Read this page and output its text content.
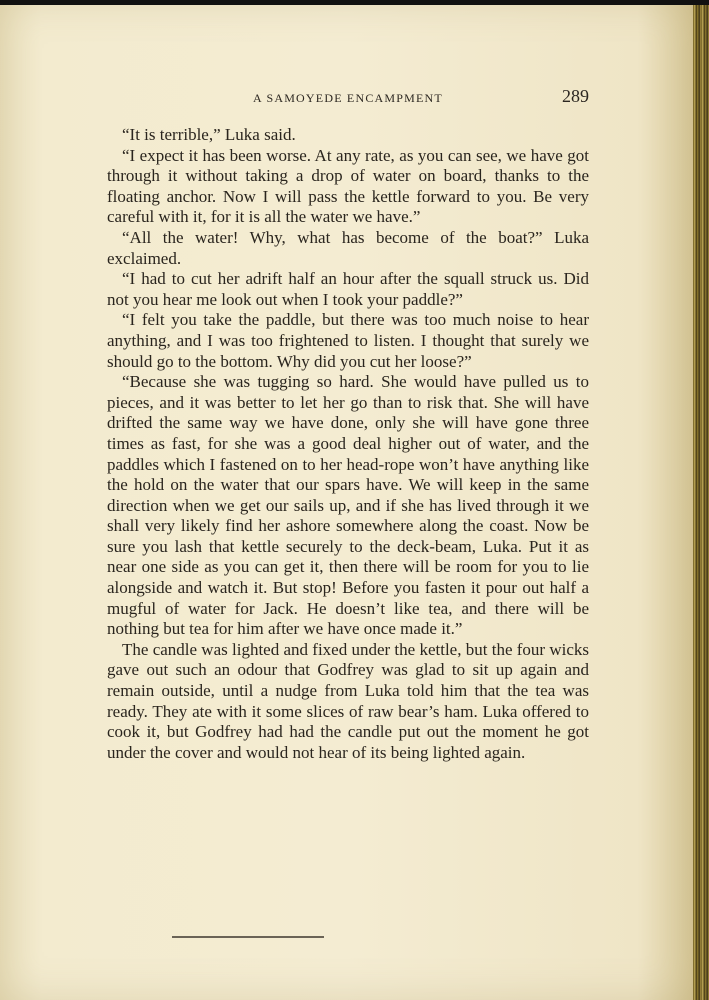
A SAMOYEDE ENCAMPMENT	289

“It is terrible,” Luka said.

“I expect it has been worse. At any rate, as you can see, we have got through it without taking a drop of water on board, thanks to the floating anchor. Now I will pass the kettle forward to you. Be very careful with it, for it is all the water we have.”

“All the water! Why, what has become of the boat?” Luka exclaimed.

“I had to cut her adrift half an hour after the squall struck us. Did not you hear me look out when I took your paddle?”

“I felt you take the paddle, but there was too much noise to hear anything, and I was too frightened to listen. I thought that surely we should go to the bottom. Why did you cut her loose?”

“Because she was tugging so hard. She would have pulled us to pieces, and it was better to let her go than to risk that. She will have drifted the same way we have done, only she will have gone three times as fast, for she was a good deal higher out of water, and the paddles which I fastened on to her head-rope won’t have anything like the hold on the water that our spars have. We will keep in the same direction when we get our sails up, and if she has lived through it we shall very likely find her ashore somewhere along the coast. Now be sure you lash that kettle securely to the deck-beam, Luka. Put it as near one side as you can get it, then there will be room for you to lie alongside and watch it. But stop! Before you fasten it pour out half a mugful of water for Jack. He doesn’t like tea, and there will be nothing but tea for him after we have once made it.”

The candle was lighted and fixed under the kettle, but the four wicks gave out such an odour that Godfrey was glad to sit up again and remain outside, until a nudge from Luka told him that the tea was ready. They ate with it some slices of raw bear’s ham. Luka offered to cook it, but Godfrey had had the candle put out the moment he got under the cover and would not hear of its being lighted again.
